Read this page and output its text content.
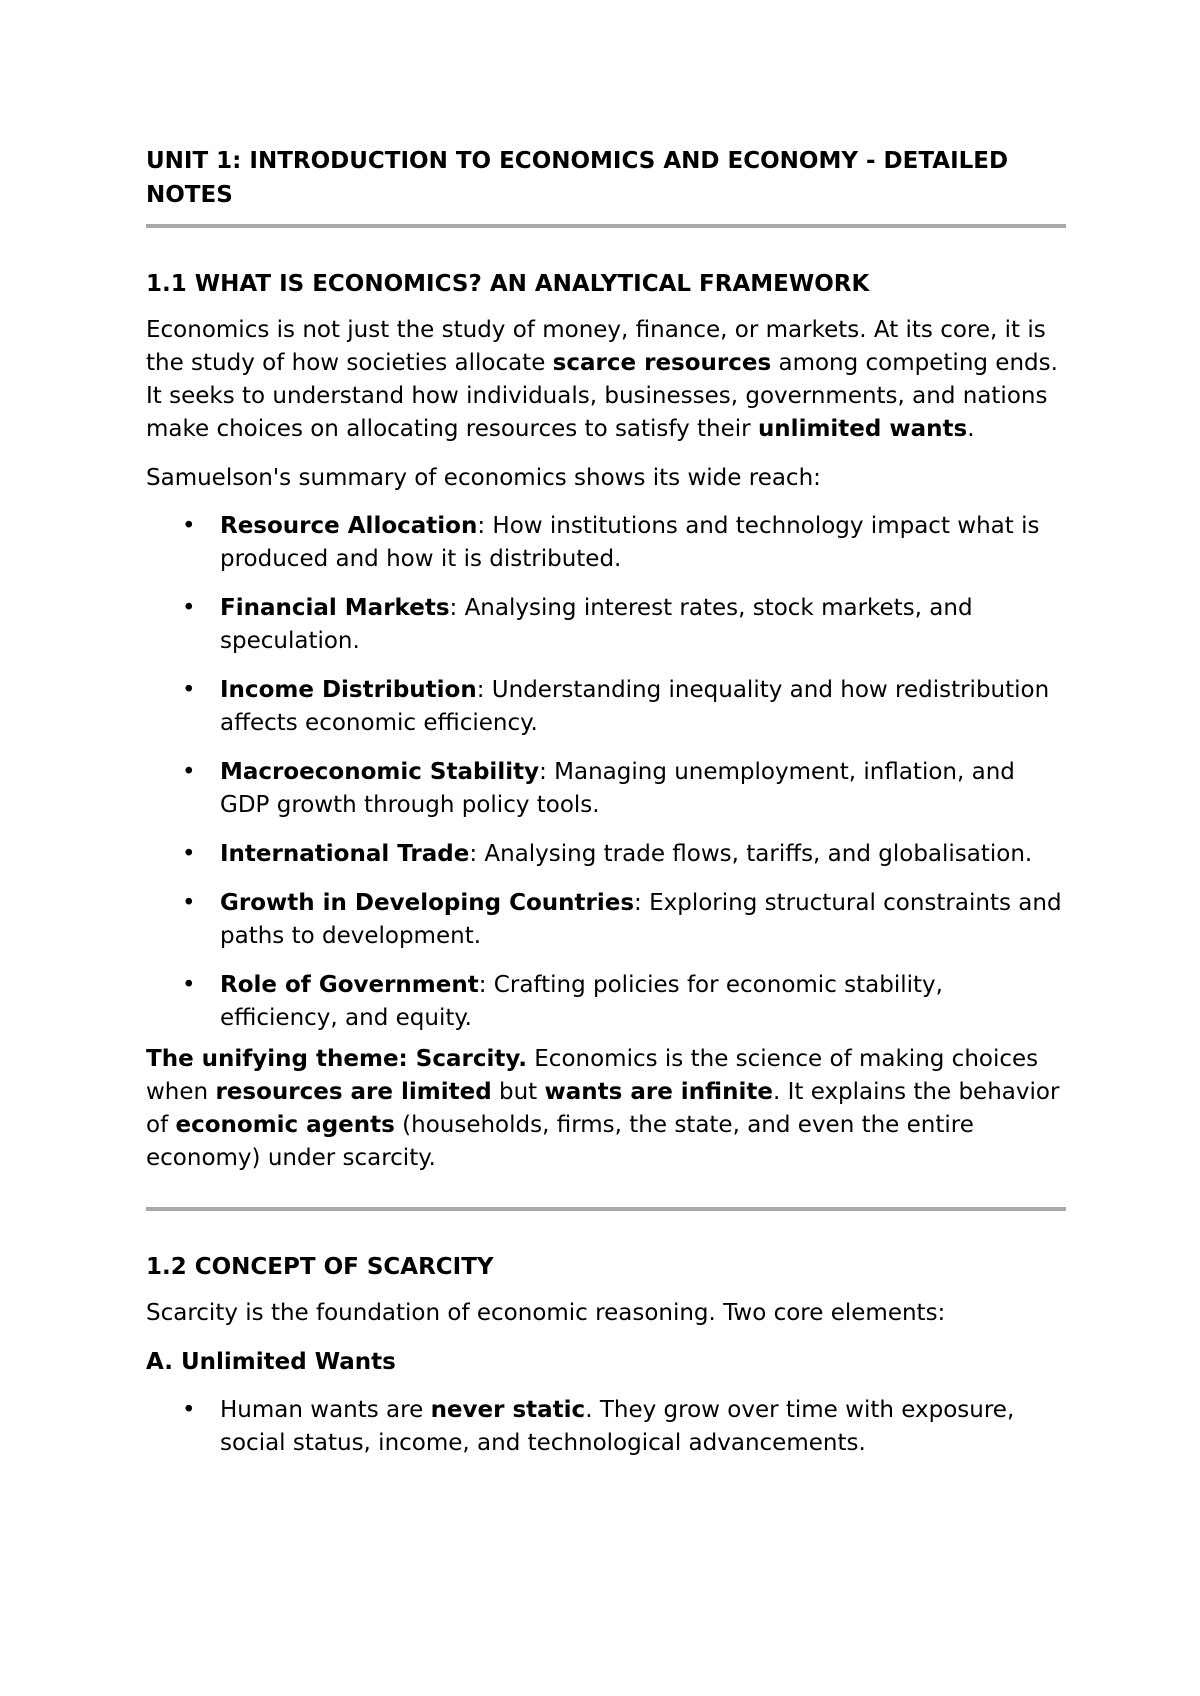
UNIT 1: INTRODUCTION TO ECONOMICS AND ECONOMY - DETAILED NOTES
1.1 WHAT IS ECONOMICS? AN ANALYTICAL FRAMEWORK

Economics is not just the study of money, finance, or markets. At its core, it is the study of how societies allocate scarce resources among competing ends. It seeks to understand how individuals, businesses, governments, and nations make choices on allocating resources to satisfy their unlimited wants.

Samuelson's summary of economics shows its wide reach:

• Resource Allocation: How institutions and technology impact what is produced and how it is distributed.
• Financial Markets: Analysing interest rates, stock markets, and speculation.
• Income Distribution: Understanding inequality and how redistribution affects economic efficiency.
• Macroeconomic Stability: Managing unemployment, inflation, and GDP growth through policy tools.
• International Trade: Analysing trade flows, tariffs, and globalisation.
• Growth in Developing Countries: Exploring structural constraints and paths to development.
• Role of Government: Crafting policies for economic stability, efficiency, and equity.

The unifying theme: Scarcity. Economics is the science of making choices when resources are limited but wants are infinite. It explains the behavior of economic agents (households, firms, the state, and even the entire economy) under scarcity.

1.2 CONCEPT OF SCARCITY

Scarcity is the foundation of economic reasoning. Two core elements:

A. Unlimited Wants
• Human wants are never static. They grow over time with exposure, social status, income, and technological advancements.
